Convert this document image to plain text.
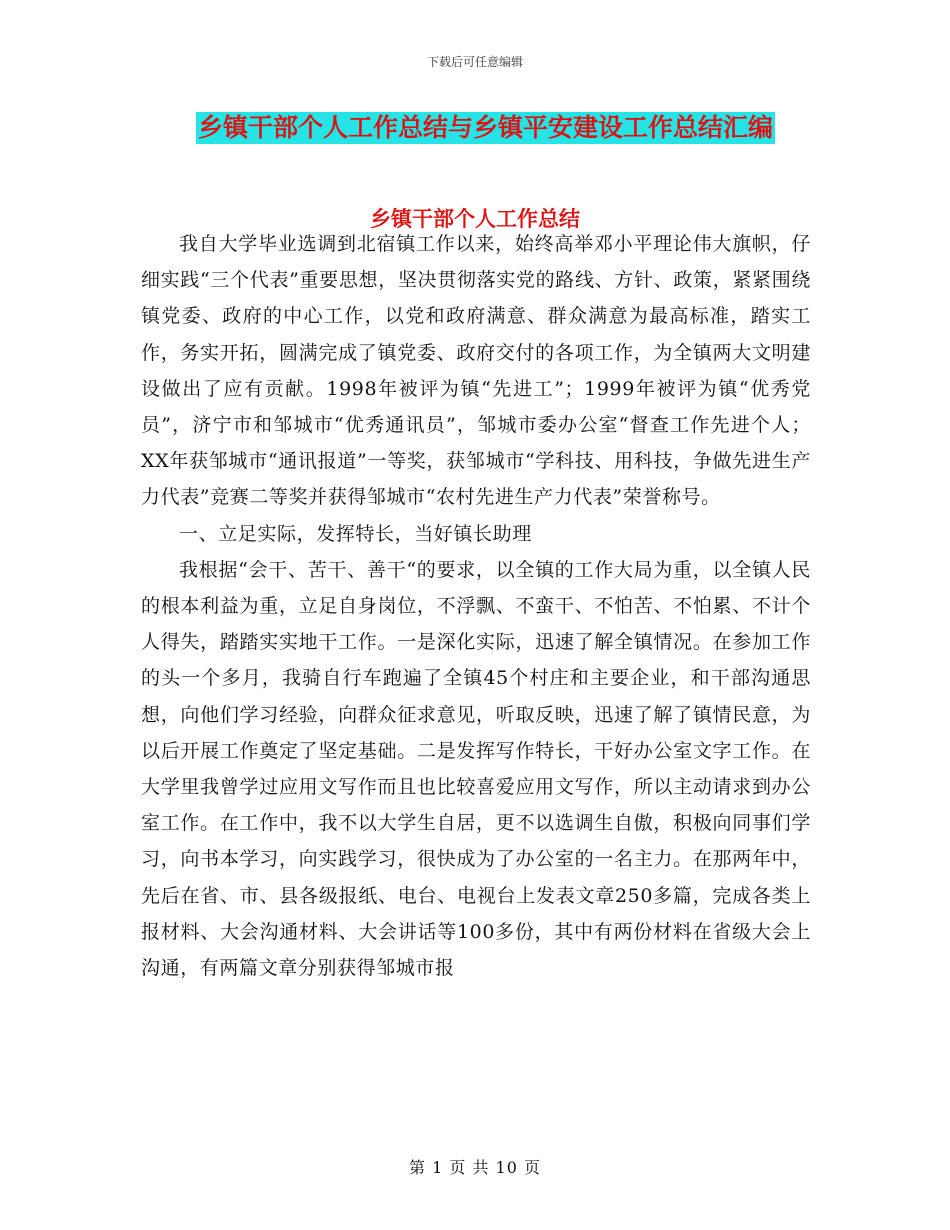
下载后可任意编辑
乡镇干部个人工作总结与乡镇平安建设工作总结汇编
乡镇干部个人工作总结

我自大学毕业选调到北宿镇工作以来，始终高举邓小平理论伟大旗帜，仔细实践“三个代表”重要思想，坚决贯彻落实党的路线、方针、政策，紧紧围绕镇党委、政府的中心工作，以党和政府满意、群众满意为最高标准，踏实工作，务实开拓，圆满完成了镇党委、政府交付的各项工作，为全镇两大文明建设做出了应有贡献。1998年被评为镇“先进工”；1999年被评为镇“优秀党员”，济宁市和邹城市“优秀通讯员”，邹城市委办公室“督查工作先进个人；XX年获邹城市“通讯报道”一等奖，获邹城市“学科技、用科技，争做先进生产力代表”竞赛二等奖并获得邹城市“农村先进生产力代表”荣誉称号。

一、立足实际，发挥特长，当好镇长助理

我根据“会干、苦干、善干“的要求，以全镇的工作大局为重，以全镇人民的根本利益为重，立足自身岗位，不浮飘、不蛮干、不怕苦、不怕累、不计个人得失，踏踏实实地干工作。一是深化实际，迅速了解全镇情况。在参加工作的头一个多月，我骑自行车跑遍了全镇45个村庄和主要企业，和干部沟通思想，向他们学习经验，向群众征求意见，听取反映，迅速了解了镇情民意，为以后开展工作奠定了坚定基础。二是发挥写作特长，干好办公室文字工作。在大学里我曾学过应用文写作而且也比较喜爱应用文写作，所以主动请求到办公室工作。在工作中，我不以大学生自居，更不以选调生自傲，积极向同事们学习，向书本学习，向实践学习，很快成为了办公室的一名主力。在那两年中，先后在省、市、县各级报纸、电台、电视台上发表文章250多篇，完成各类上报材料、大会沟通材料、大会讲话等100多份，其中有两份材料在省级大会上沟通，有两篇文章分别获得邹城市报

第 1 页 共 10 页
